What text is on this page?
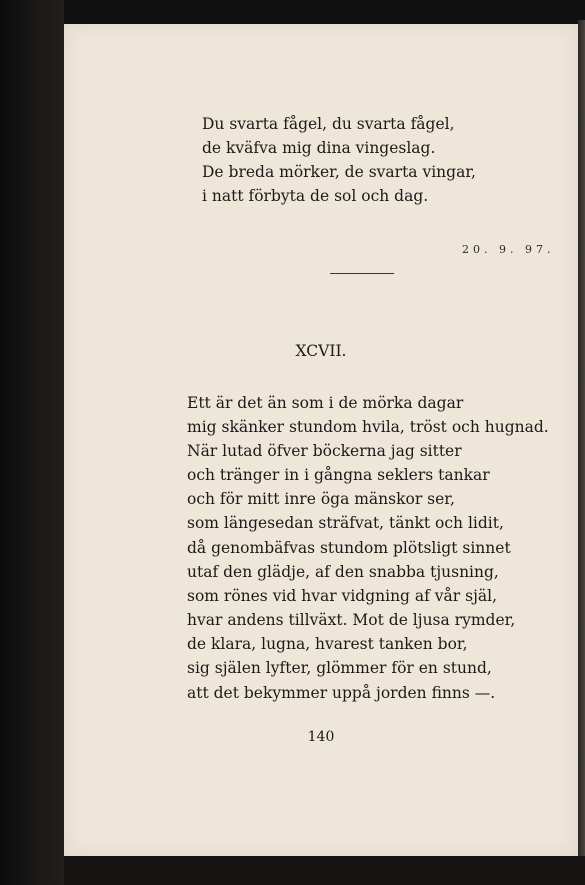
Du svarta fågel, du svarta fågel,

de kväfva mig dina vingeslag.

De breda mörker, de svarta vingar,

i natt förbyta de sol och dag.

20. 9. 97.
XCVII.

Ett är det än som i de mörka dagar

mig skänker stundom hvila, tröst och hugnad.

När lutad öfver böckerna jag sitter

och tränger in i gångna seklers tankar

och för mitt inre öga mänskor ser,

som längesedan sträfvat, tänkt och lidit,

då genombäfvas stundom plötsligt sinnet

utaf den glädje, af den snabba tjusning,

som rönes vid hvar vidgning af vår själ,

hvar andens tillväxt. Mot de ljusa rymder,

de klara, lugna, hvarest tanken bor,

sig själen lyfter, glömmer för en stund,

att det bekymmer uppå jorden finns —.

140
